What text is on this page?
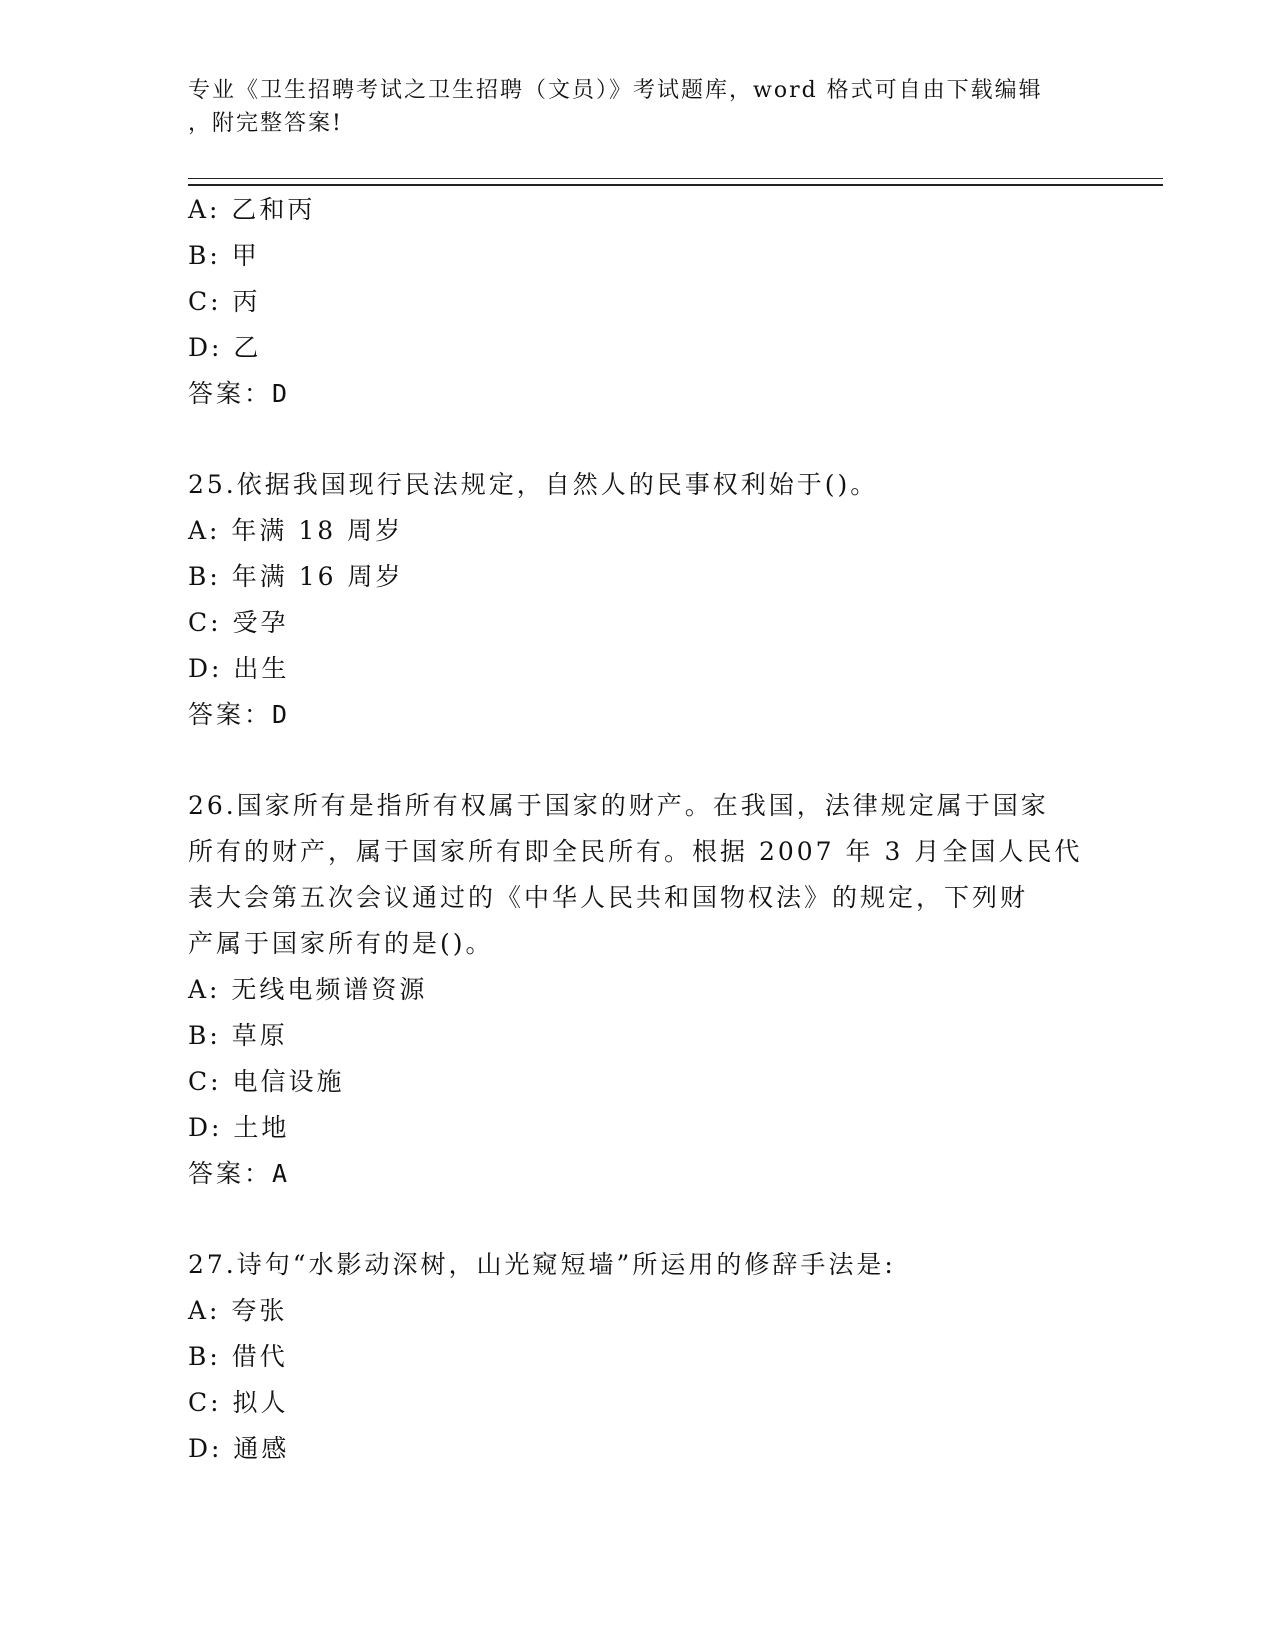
专业《卫生招聘考试之卫生招聘（文员）》考试题库，word 格式可自由下载编辑
，附完整答案!
A: 乙和丙
B: 甲
C: 丙
D: 乙
答案：D
25.依据我国现行民法规定，自然人的民事权利始于()。
A: 年满 18 周岁
B: 年满 16 周岁
C: 受孕
D: 出生
答案：D
26.国家所有是指所有权属于国家的财产。在我国，法律规定属于国家
所有的财产，属于国家所有即全民所有。根据 2007 年 3 月全国人民代
表大会第五次会议通过的《中华人民共和国物权法》的规定，下列财
产属于国家所有的是()。
A: 无线电频谱资源
B: 草原
C: 电信设施
D: 土地
答案：A
27.诗句“水影动深树，山光窥短墙”所运用的修辞手法是:
A: 夸张
B: 借代
C: 拟人
D: 通感
